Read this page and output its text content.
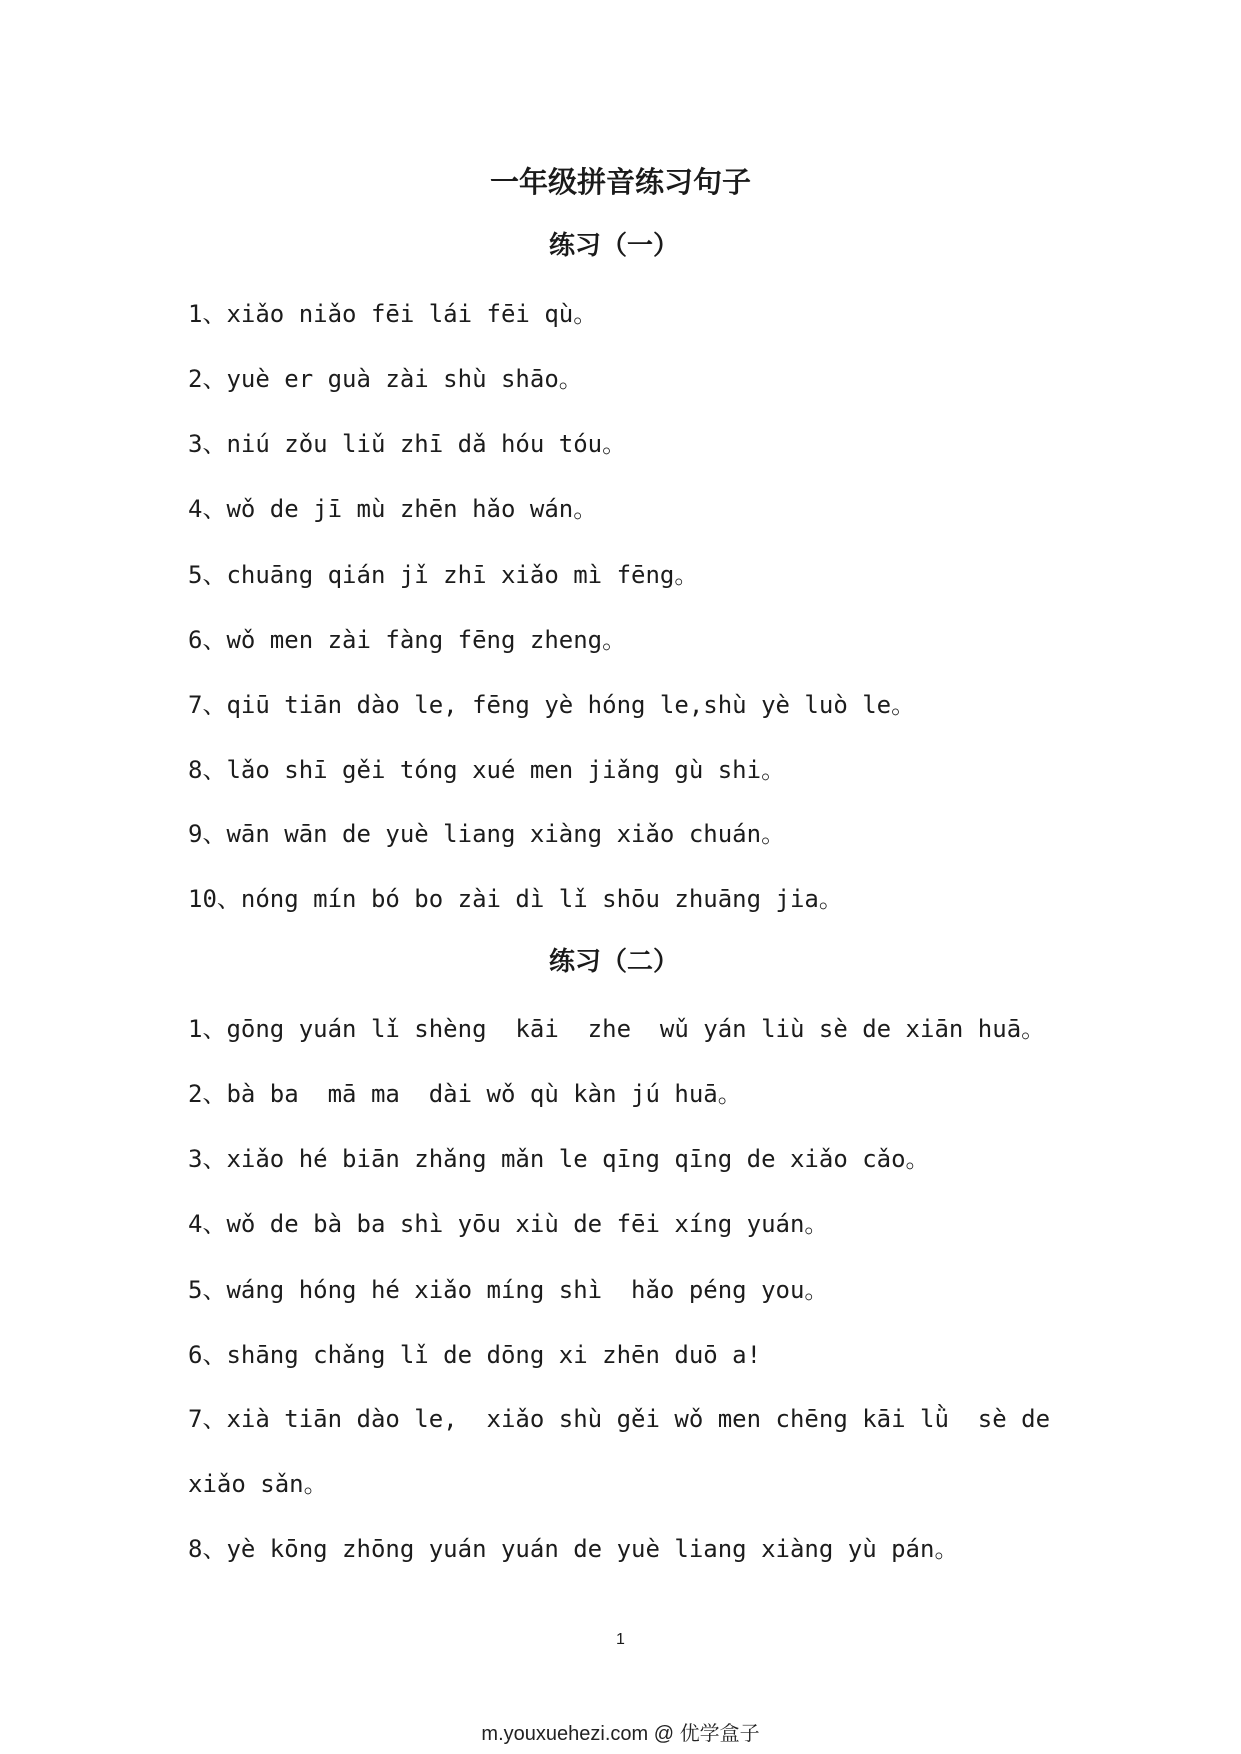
一年级拼音练习句子
练习（一）
1、xiǎo niǎo fēi lái fēi qù。
2、yuè er guà zài shù shāo。
3、niú zǒu liǔ zhī dǎ hóu tóu。
4、wǒ de jī mù zhēn hǎo wán。
5、chuāng qián jǐ zhī xiǎo mì fēng。
6、wǒ men zài fàng fēng zheng。
7、qiū tiān dào le, fēng yè hóng le,shù yè luò le。
8、lǎo shī gěi tóng xué men jiǎng gù shi。
9、wān wān de yuè liang xiàng xiǎo chuán。
10、nóng mín bó bo zài dì lǐ shōu zhuāng jia。
练习（二）
1、gōng yuán lǐ shèng  kāi  zhe  wǔ yán liù sè de xiān huā。
2、bà ba  mā ma  dài wǒ qù kàn jú huā。
3、xiǎo hé biān zhǎng mǎn le qīng qīng de xiǎo cǎo。
4、wǒ de bà ba shì yōu xiù de fēi xíng yuán。
5、wáng hóng hé xiǎo míng shì  hǎo péng you。
6、shāng chǎng lǐ de dōng xi zhēn duō a!
7、xià tiān dào le,  xiǎo shù gěi wǒ men chēng kāi lǜ  sè de
xiǎo sǎn。
8、yè kōng zhōng yuán yuán de yuè liang xiàng yù pán。
1
m.youxuehezi.com @ 优学盒子
